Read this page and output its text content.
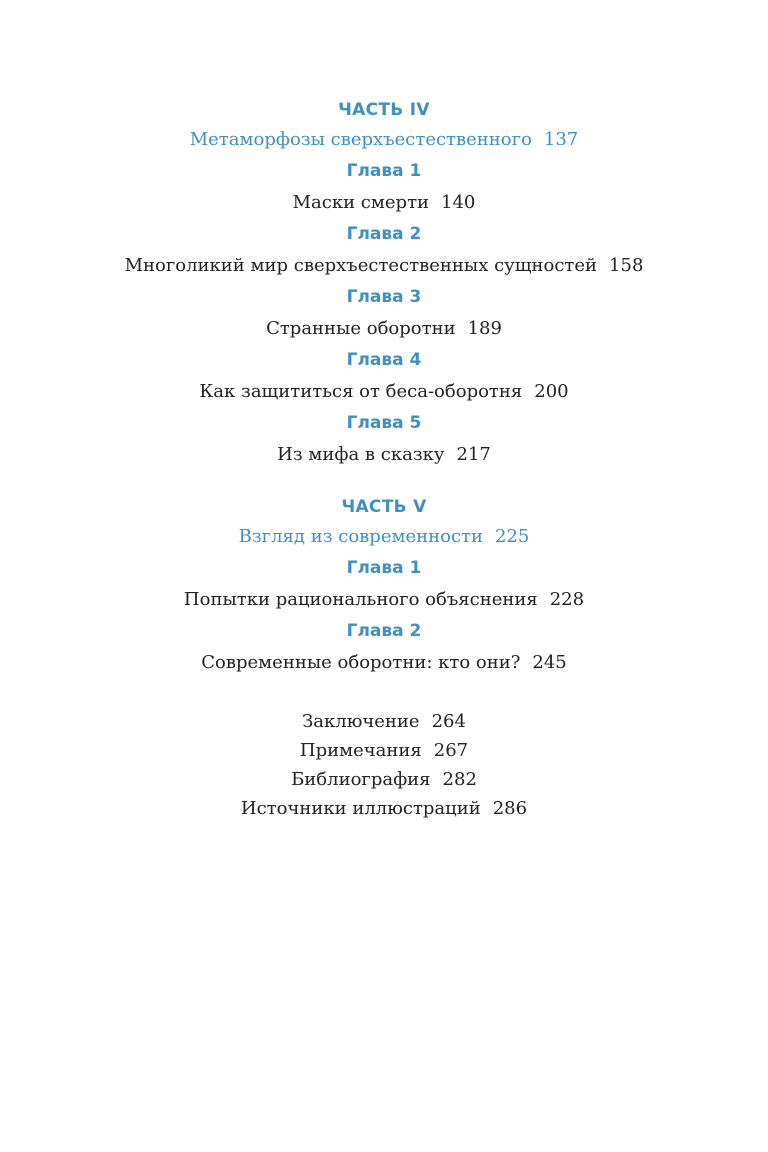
ЧАСТЬ IV
Метаморфозы сверхъестественного 137
Глава 1
Маски смерти 140
Глава 2
Многоликий мир сверхъестественных сущностей 158
Глава 3
Странные оборотни 189
Глава 4
Как защититься от беса-оборотня 200
Глава 5
Из мифа в сказку 217
ЧАСТЬ V
Взгляд из современности 225
Глава 1
Попытки рационального объяснения 228
Глава 2
Современные оборотни: кто они? 245
Заключение 264
Примечания 267
Библиография 282
Источники иллюстраций 286
